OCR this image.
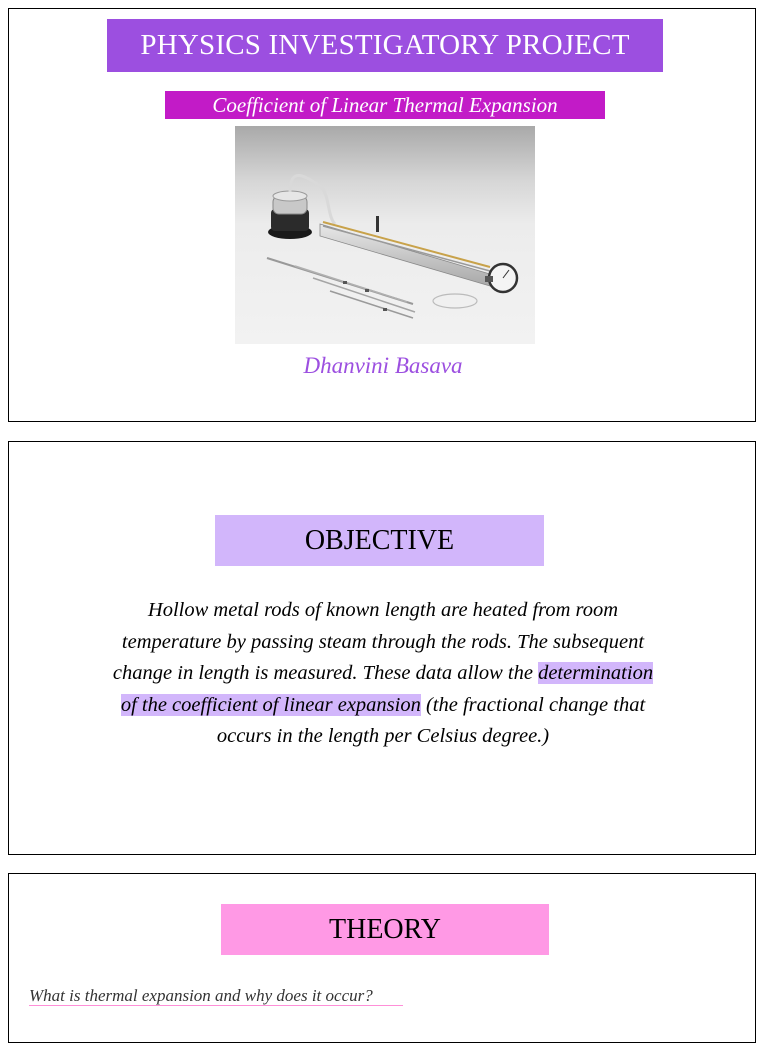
PHYSICS INVESTIGATORY PROJECT
Coefficient of Linear Thermal Expansion
Dhanvini Basava
OBJECTIVE
Hollow metal rods of known length are heated from room temperature by passing steam through the rods. The subsequent change in length is measured. These data allow the determination of the coefficient of linear expansion (the fractional change that occurs in the length per Celsius degree.)
THEORY
What is thermal expansion and why does it occur?
